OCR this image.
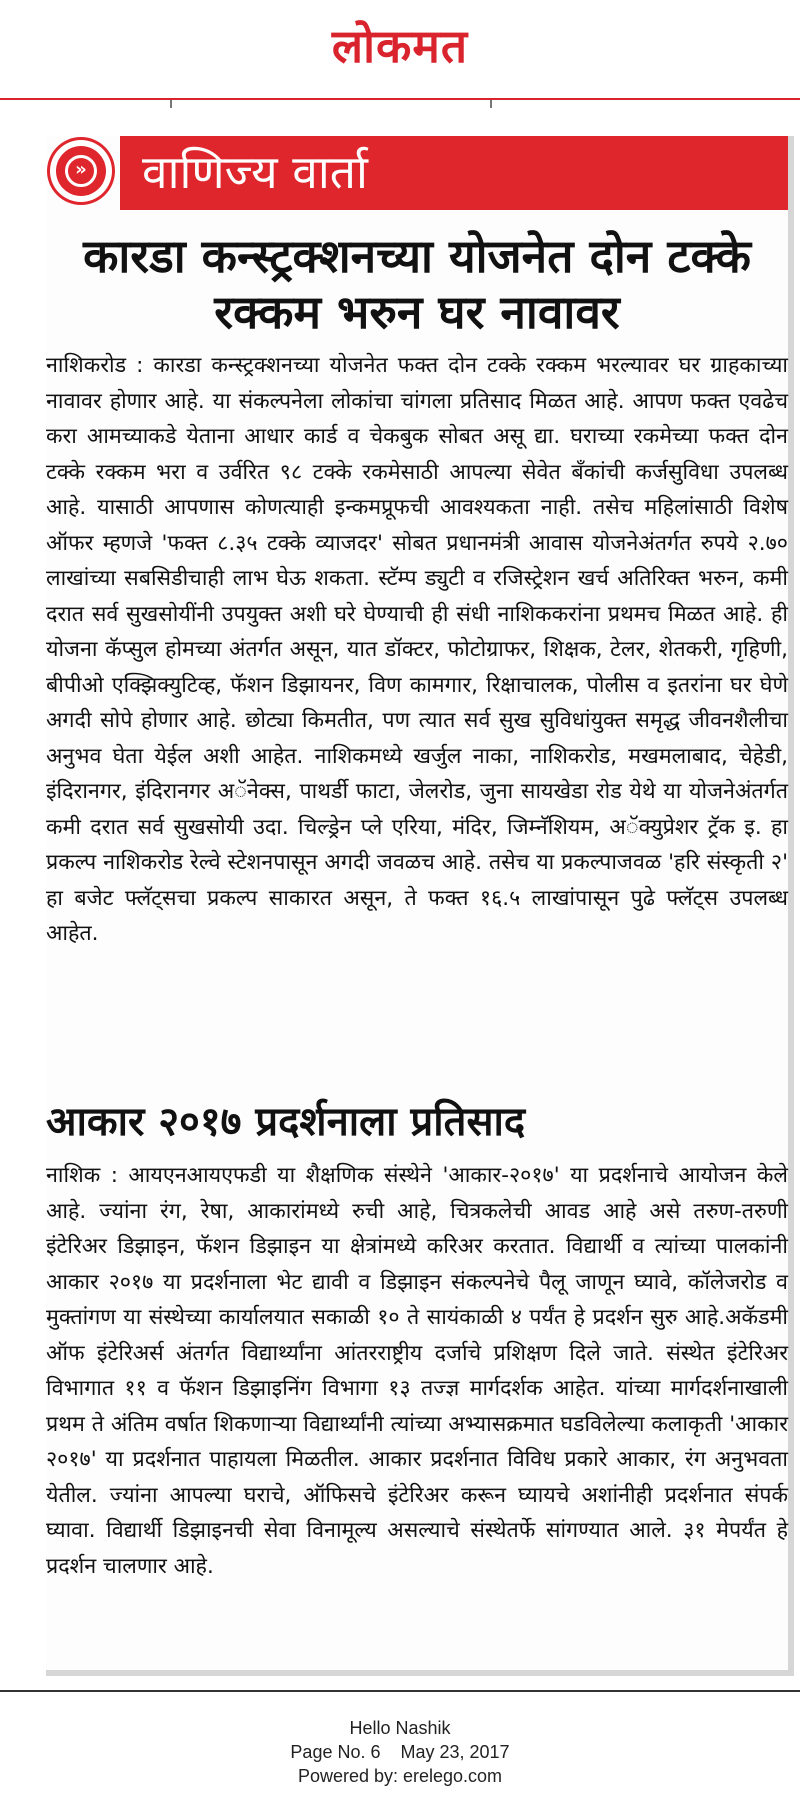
लोकमत
» वाणिज्य वार्ता
कारडा कन्स्ट्रक्शनच्या योजनेत दोन टक्के रक्कम भरुन घर नावावर

नाशिकरोड : कारडा कन्स्ट्रक्शनच्या योजनेत फक्त दोन टक्के रक्कम भरल्यावर घर ग्राहकाच्या नावावर होणार आहे. या संकल्पनेला लोकांचा चांगला प्रतिसाद मिळत आहे. आपण फक्त एवढेच करा आमच्याकडे येताना आधार कार्ड व चेकबुक सोबत असू द्या. घराच्या रकमेच्या फक्त दोन टक्के रक्कम भरा व उर्वरित ९८ टक्के रकमेसाठी आपल्या सेवेत बँकांची कर्जसुविधा उपलब्ध आहे. यासाठी आपणास कोणत्याही इन्कमप्रूफची आवश्यकता नाही. तसेच महिलांसाठी विशेष ऑफर म्हणजे 'फक्त ८.३५ टक्के व्याजदर' सोबत प्रधानमंत्री आवास योजनेअंतर्गत रुपये २.७० लाखांच्या सबसिडीचाही लाभ घेऊ शकता. स्टॅम्प ड्युटी व रजिस्ट्रेशन खर्च अतिरिक्त भरुन, कमी दरात सर्व सुखसोयींनी उपयुक्त अशी घरे घेण्याची ही संधी नाशिककरांना प्रथमच मिळत आहे. ही योजना कॅप्सुल होमच्या अंतर्गत असून, यात डॉक्टर, फोटोग्राफर, शिक्षक, टेलर, शेतकरी, गृहिणी, बीपीओ एक्झिक्युटिव्ह, फॅशन डिझायनर, विण कामगार, रिक्षाचालक, पोलीस व इतरांना घर घेणे अगदी सोपे होणार आहे. छोट्या किमतीत, पण त्यात सर्व सुख सुविधांयुक्त समृद्ध जीवनशैलीचा अनुभव घेता येईल अशी आहेत. नाशिकमध्ये खर्जुल नाका, नाशिकरोड, मखमलाबाद, चेहेडी, इंदिरानगर, इंदिरानगर अॅनेक्स, पाथर्डी फाटा, जेलरोड, जुना सायखेडा रोड येथे या योजनेअंतर्गत कमी दरात सर्व सुखसोयी उदा. चिल्ड्रेन प्ले एरिया, मंदिर, जिम्नॅशियम, अॅक्युप्रेशर ट्रॅक इ. हा प्रकल्प नाशिकरोड रेल्वे स्टेशनपासून अगदी जवळच आहे. तसेच या प्रकल्पाजवळ 'हरि संस्कृती २' हा बजेट फ्लॅट्सचा प्रकल्प साकारत असून, ते फक्त १६.५ लाखांपासून पुढे फ्लॅट्स उपलब्ध आहेत.

आकार २०१७ प्रदर्शनाला प्रतिसाद

नाशिक : आयएनआयएफडी या शैक्षणिक संस्थेने 'आकार-२०१७' या प्रदर्शनाचे आयोजन केले आहे. ज्यांना रंग, रेषा, आकारांमध्ये रुची आहे, चित्रकलेची आवड आहे असे तरुण-तरुणी इंटेरिअर डिझाइन, फॅशन डिझाइन या क्षेत्रांमध्ये करिअर करतात. विद्यार्थी व त्यांच्या पालकांनी आकार २०१७ या प्रदर्शनाला भेट द्यावी व डिझाइन संकल्पनेचे पैलू जाणून घ्यावे, कॉलेजरोड व मुक्तांगण या संस्थेच्या कार्यालयात सकाळी १० ते सायंकाळी ४ पर्यंत हे प्रदर्शन सुरु आहे.अकॅडमी ऑफ इंटेरिअर्स अंतर्गत विद्यार्थ्यांना आंतरराष्ट्रीय दर्जाचे प्रशिक्षण दिले जाते. संस्थेत इंटेरिअर विभागात ११ व फॅशन डिझाइनिंग विभागा १३ तज्ज्ञ मार्गदर्शक आहेत. यांच्या मार्गदर्शनाखाली प्रथम ते अंतिम वर्षात शिकणाऱ्या विद्यार्थ्यांनी त्यांच्या अभ्यासक्रमात घडविलेल्या कलाकृती 'आकार २०१७' या प्रदर्शनात पाहायला मिळतील. आकार प्रदर्शनात विविध प्रकारे आकार, रंग अनुभवता येतील. ज्यांना आपल्या घराचे, ऑफिसचे इंटेरिअर करून घ्यायचे अशांनीही प्रदर्शनात संपर्क घ्यावा. विद्यार्थी डिझाइनची सेवा विनामूल्य असल्याचे संस्थेतर्फे सांगण्यात आले. ३१ मेपर्यंत हे प्रदर्शन चालणार आहे.

Hello Nashik
Page No. 6    May 23, 2017
Powered by: erelego.com
